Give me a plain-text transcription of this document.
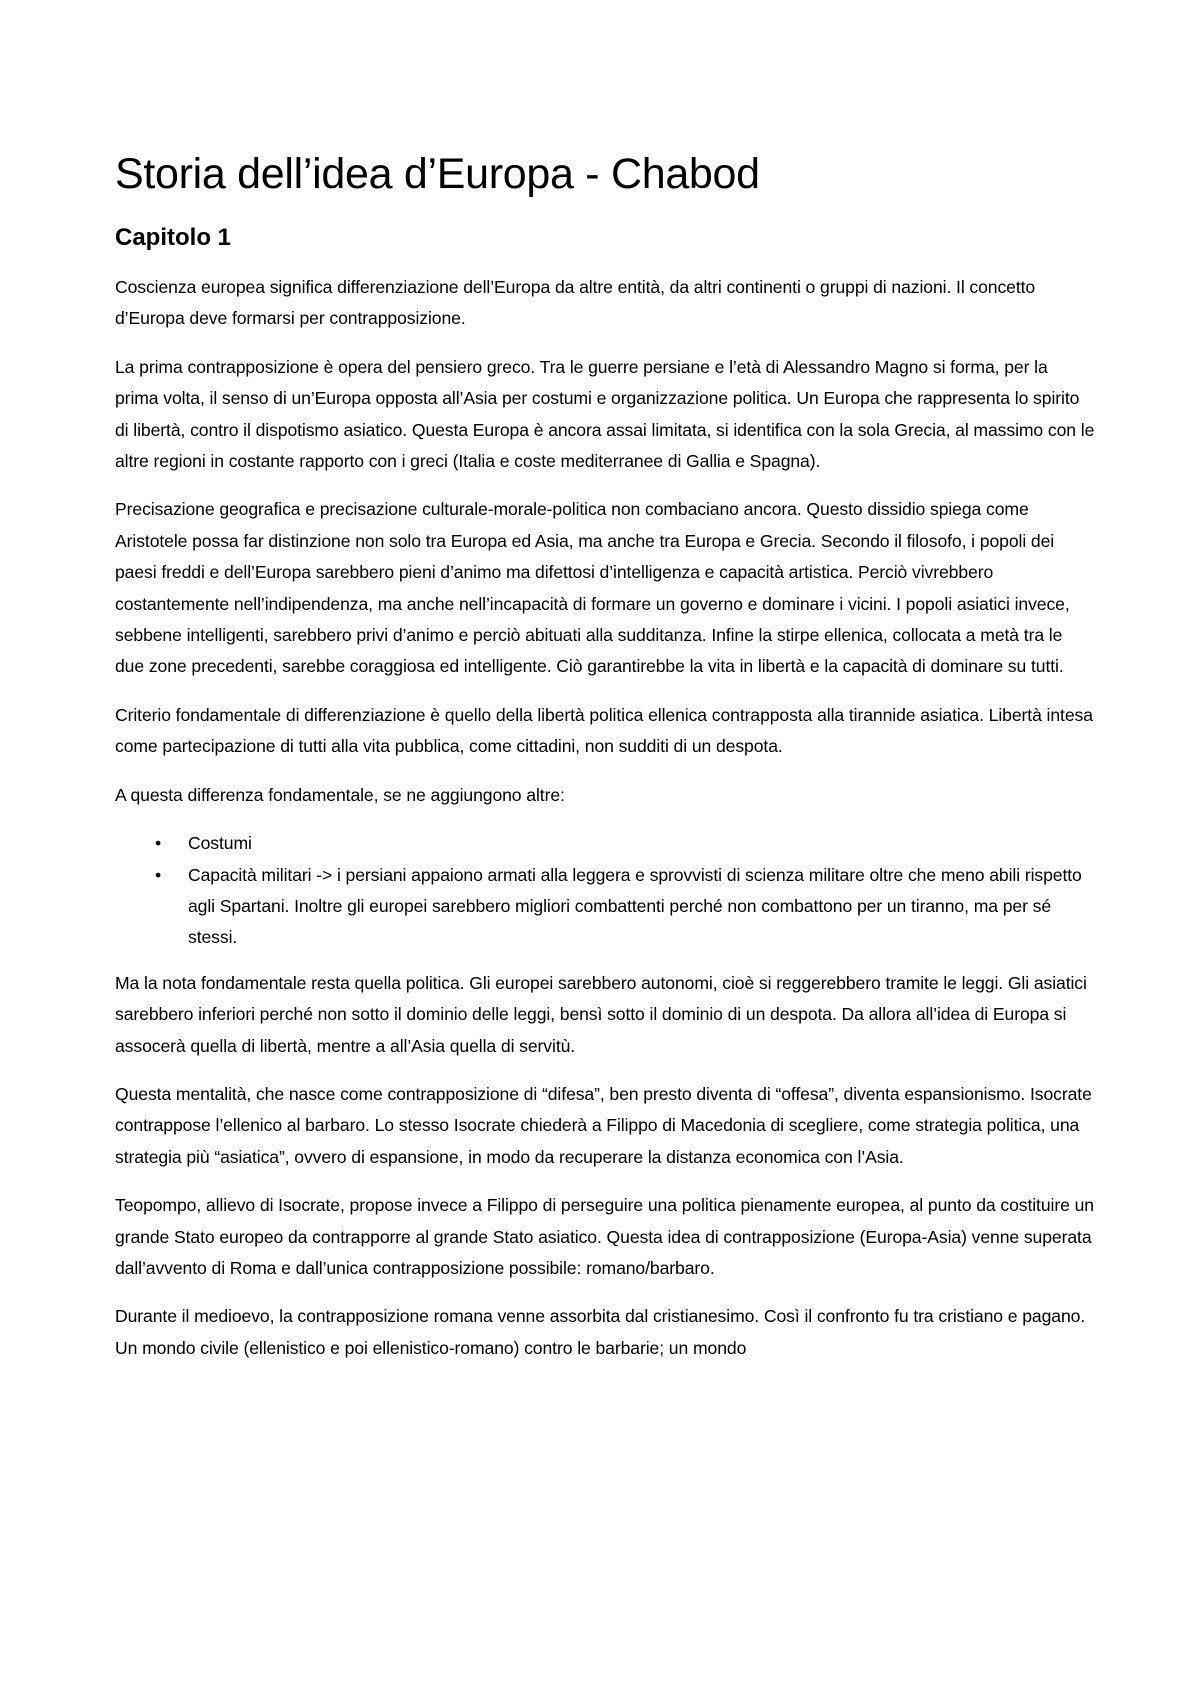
Storia dell’idea d’Europa - Chabod
Capitolo 1

Coscienza europea significa differenziazione dell’Europa da altre entità, da altri continenti o gruppi di nazioni. Il concetto d’Europa deve formarsi per contrapposizione.

La prima contrapposizione è opera del pensiero greco. Tra le guerre persiane e l’età di Alessandro Magno si forma, per la prima volta, il senso di un’Europa opposta all’Asia per costumi e organizzazione politica. Un Europa che rappresenta lo spirito di libertà, contro il dispotismo asiatico. Questa Europa è ancora assai limitata, si identifica con la sola Grecia, al massimo con le altre regioni in costante rapporto con i greci (Italia e coste mediterranee di Gallia e Spagna).

Precisazione geografica e precisazione culturale-morale-politica non combaciano ancora. Questo dissidio spiega come Aristotele possa far distinzione non solo tra Europa ed Asia, ma anche tra Europa e Grecia. Secondo il filosofo, i popoli dei paesi freddi e dell’Europa sarebbero pieni d’animo ma difettosi d’intelligenza e capacità artistica. Perciò vivrebbero costantemente nell’indipendenza, ma anche nell’incapacità di formare un governo e dominare i vicini. I popoli asiatici invece, sebbene intelligenti, sarebbero privi d’animo e perciò abituati alla sudditanza. Infine la stirpe ellenica, collocata a metà tra le due zone precedenti, sarebbe coraggiosa ed intelligente. Ciò garantirebbe la vita in libertà e la capacità di dominare su tutti.

Criterio fondamentale di differenziazione è quello della libertà politica ellenica contrapposta alla tirannide asiatica. Libertà intesa come partecipazione di tutti alla vita pubblica, come cittadini, non sudditi di un despota.

A questa differenza fondamentale, se ne aggiungono altre:

• Costumi
• Capacità militari -> i persiani appaiono armati alla leggera e sprovvisti di scienza militare oltre che meno abili rispetto agli Spartani. Inoltre gli europei sarebbero migliori combattenti perché non combattono per un tiranno, ma per sé stessi.

Ma la nota fondamentale resta quella politica. Gli europei sarebbero autonomi, cioè si reggerebbero tramite le leggi. Gli asiatici sarebbero inferiori perché non sotto il dominio delle leggi, bensì sotto il dominio di un despota. Da allora all’idea di Europa si assocerà quella di libertà, mentre a all’Asia quella di servitù.

Questa mentalità, che nasce come contrapposizione di “difesa”, ben presto diventa di “offesa”, diventa espansionismo. Isocrate contrappose l’ellenico al barbaro. Lo stesso Isocrate chiederà a Filippo di Macedonia di scegliere, come strategia politica, una strategia più “asiatica”, ovvero di espansione, in modo da recuperare la distanza economica con l’Asia.

Teopompo, allievo di Isocrate, propose invece a Filippo di perseguire una politica pienamente europea, al punto da costituire un grande Stato europeo da contrapporre al grande Stato asiatico. Questa idea di contrapposizione (Europa-Asia) venne superata dall’avvento di Roma e dall’unica contrapposizione possibile: romano/barbaro.

Durante il medioevo, la contrapposizione romana venne assorbita dal cristianesimo. Così il confronto fu tra cristiano e pagano. Un mondo civile (ellenistico e poi ellenistico-romano) contro le barbarie; un mondo
